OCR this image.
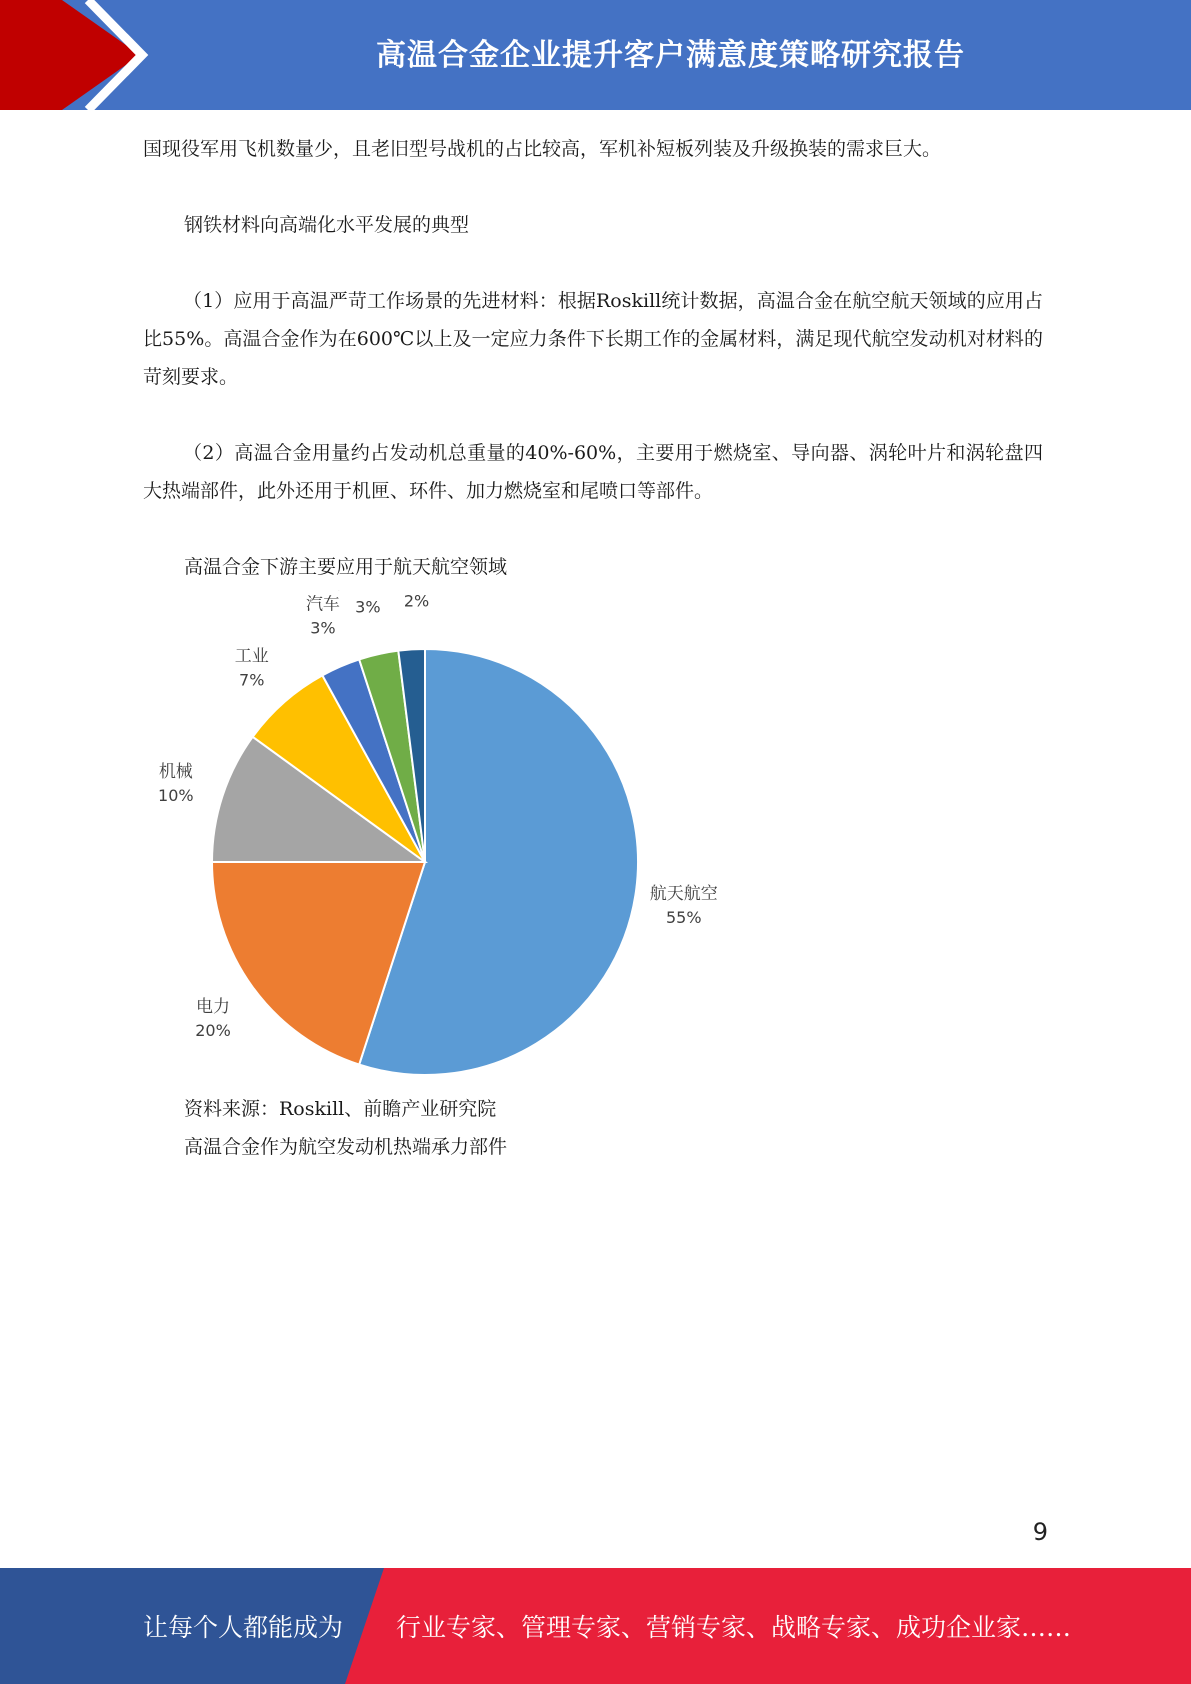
高温合金企业提升客户满意度策略研究报告

国现役军用飞机数量少，且老旧型号战机的占比较高，军机补短板列装及升级换装的需求巨大。

钢铁材料向高端化水平发展的典型

（1）应用于高温严苛工作场景的先进材料：根据Roskill统计数据，高温合金在航空航天领域的应用占比55%。高温合金作为在600℃以上及一定应力条件下长期工作的金属材料，满足现代航空发动机对材料的苛刻要求。

（2）高温合金用量约占发动机总重量的40%-60%，主要用于燃烧室、导向器、涡轮叶片和涡轮盘四大热端部件，此外还用于机匣、环件、加力燃烧室和尾喷口等部件。

高温合金下游主要应用于航天航空领域

航天航空
55%
电力
20%
机械
10%
工业
7%
汽车
3%
3% 2%

资料来源：Roskill、前瞻产业研究院

高温合金作为航空发动机热端承力部件

9
让每个人都能成为 行业专家、管理专家、营销专家、战略专家、成功企业家……
